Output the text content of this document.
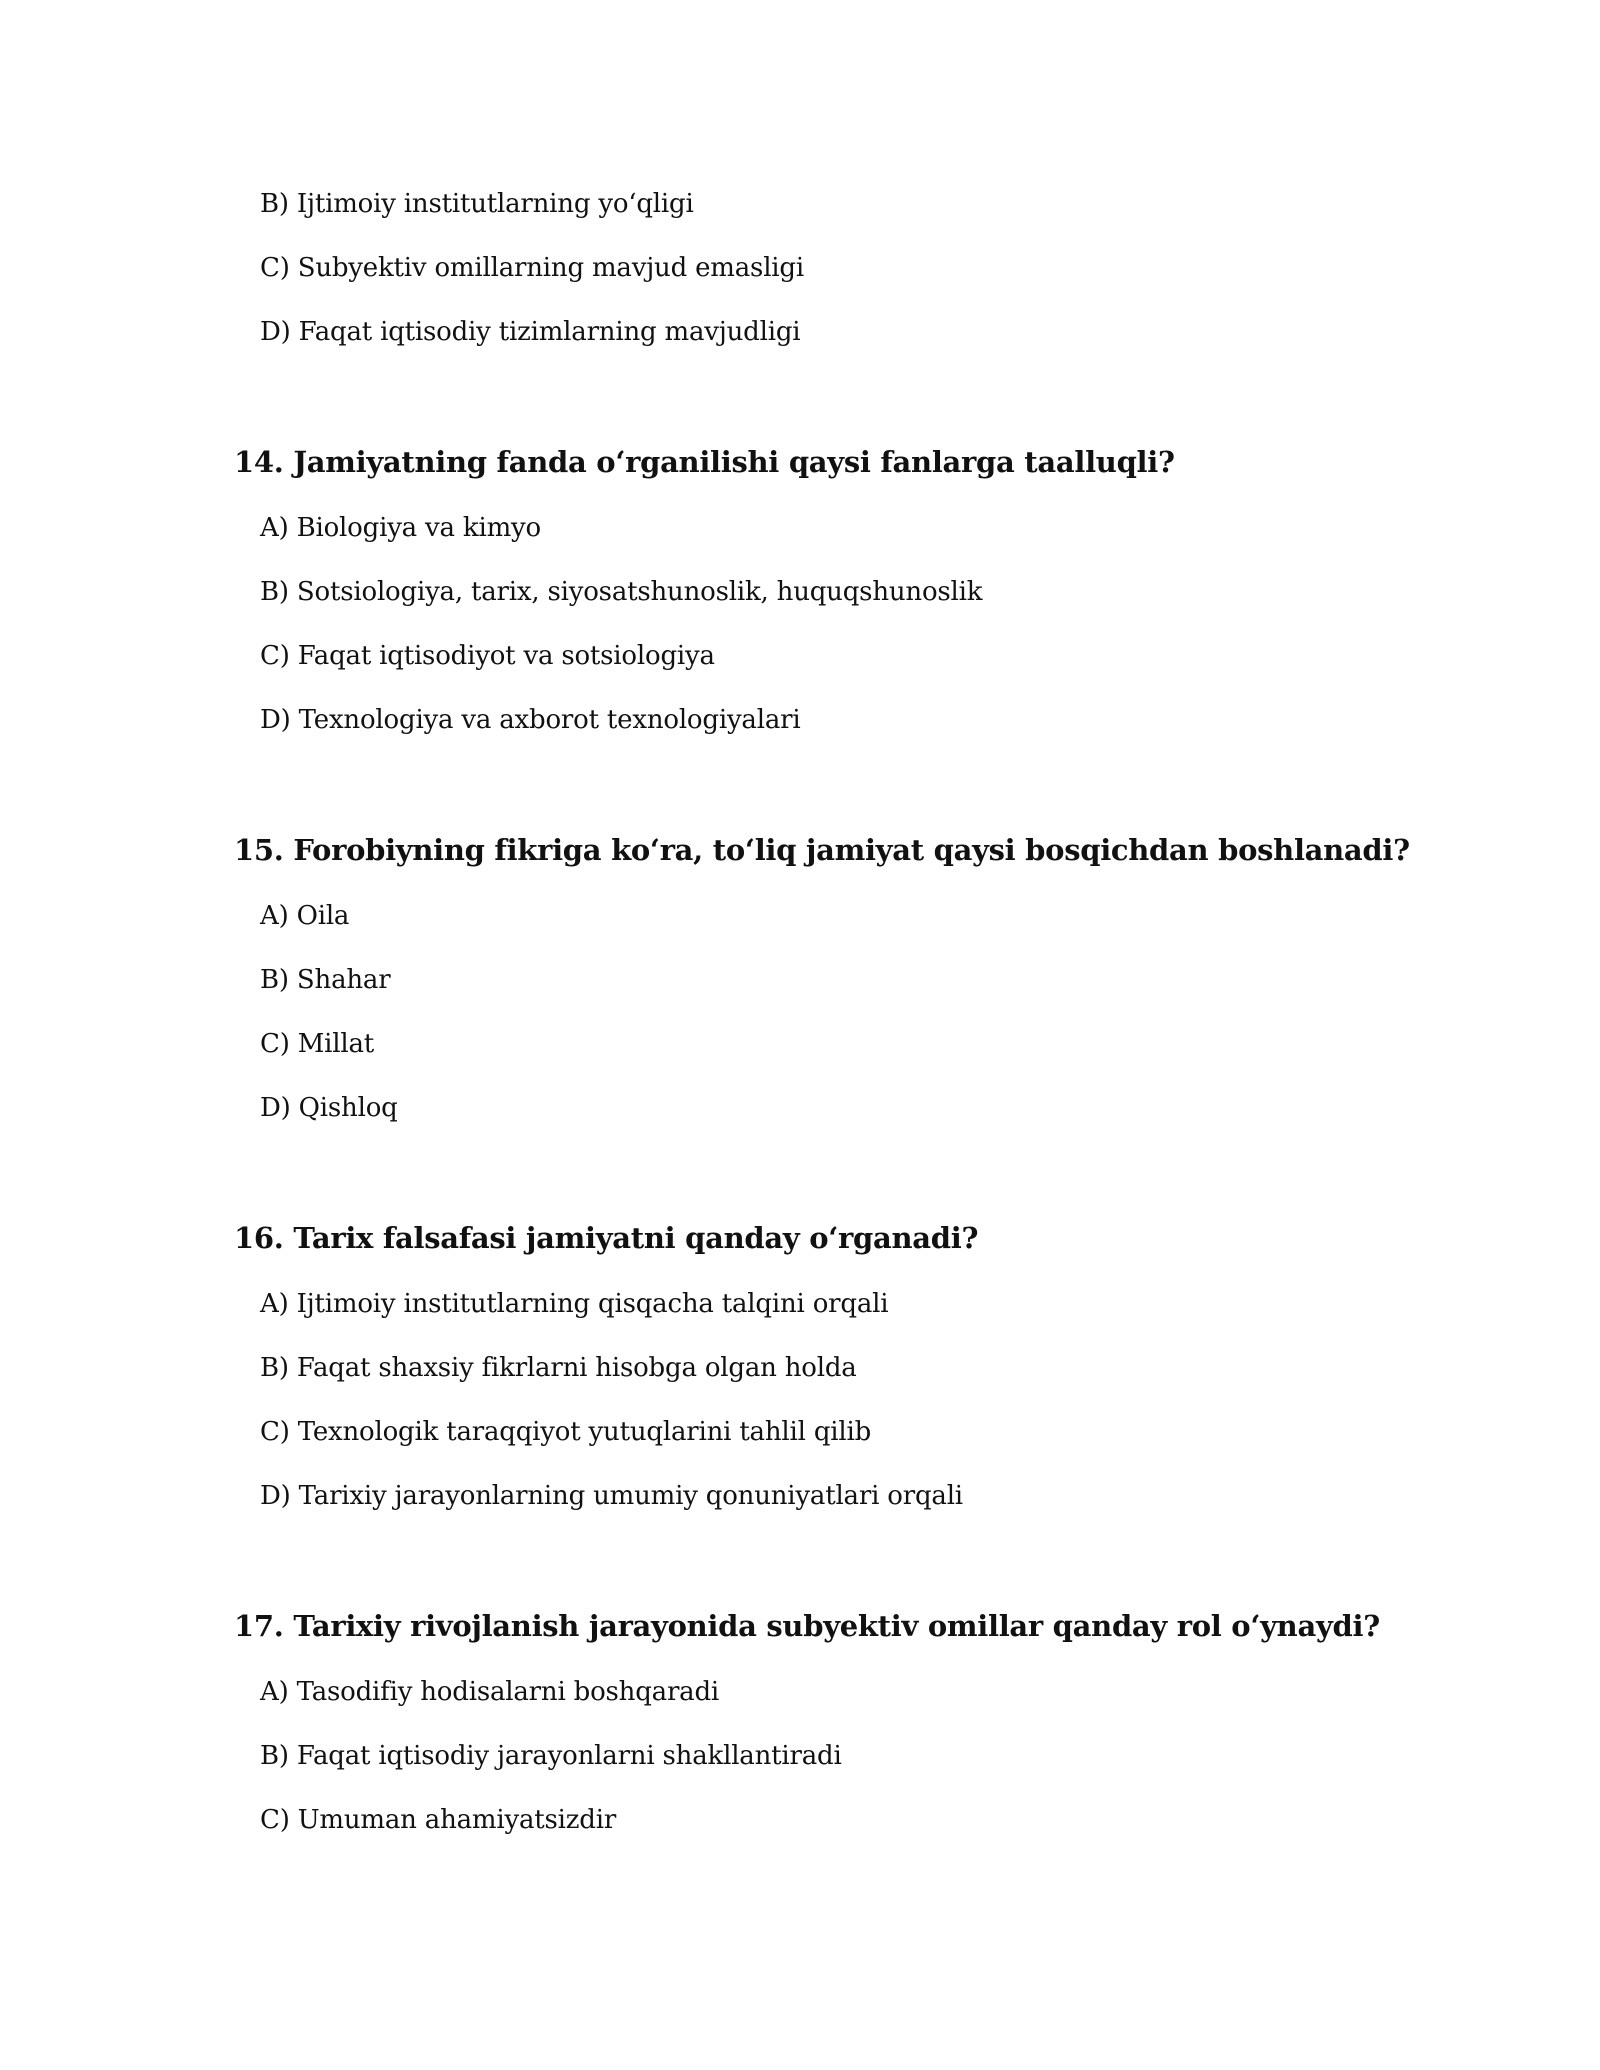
B) Ijtimoiy institutlarning yo‘qligi
C) Subyektiv omillarning mavjud emasligi
D) Faqat iqtisodiy tizimlarning mavjudligi
14. Jamiyatning fanda o‘rganilishi qaysi fanlarga taalluqli?
A) Biologiya va kimyo
B) Sotsiologiya, tarix, siyosatshunoslik, huquqshunoslik
C) Faqat iqtisodiyot va sotsiologiya
D) Texnologiya va axborot texnologiyalari
15. Forobiyning fikriga ko‘ra, to‘liq jamiyat qaysi bosqichdan boshlanadi?
A) Oila
B) Shahar
C) Millat
D) Qishloq
16. Tarix falsafasi jamiyatni qanday o‘rganadi?
A) Ijtimoiy institutlarning qisqacha talqini orqali
B) Faqat shaxsiy fikrlarni hisobga olgan holda
C) Texnologik taraqqiyot yutuqlarini tahlil qilib
D) Tarixiy jarayonlarning umumiy qonuniyatlari orqali
17. Tarixiy rivojlanish jarayonida subyektiv omillar qanday rol o‘ynaydi?
A) Tasodifiy hodisalarni boshqaradi
B) Faqat iqtisodiy jarayonlarni shakllantiradi
C) Umuman ahamiyatsizdir
